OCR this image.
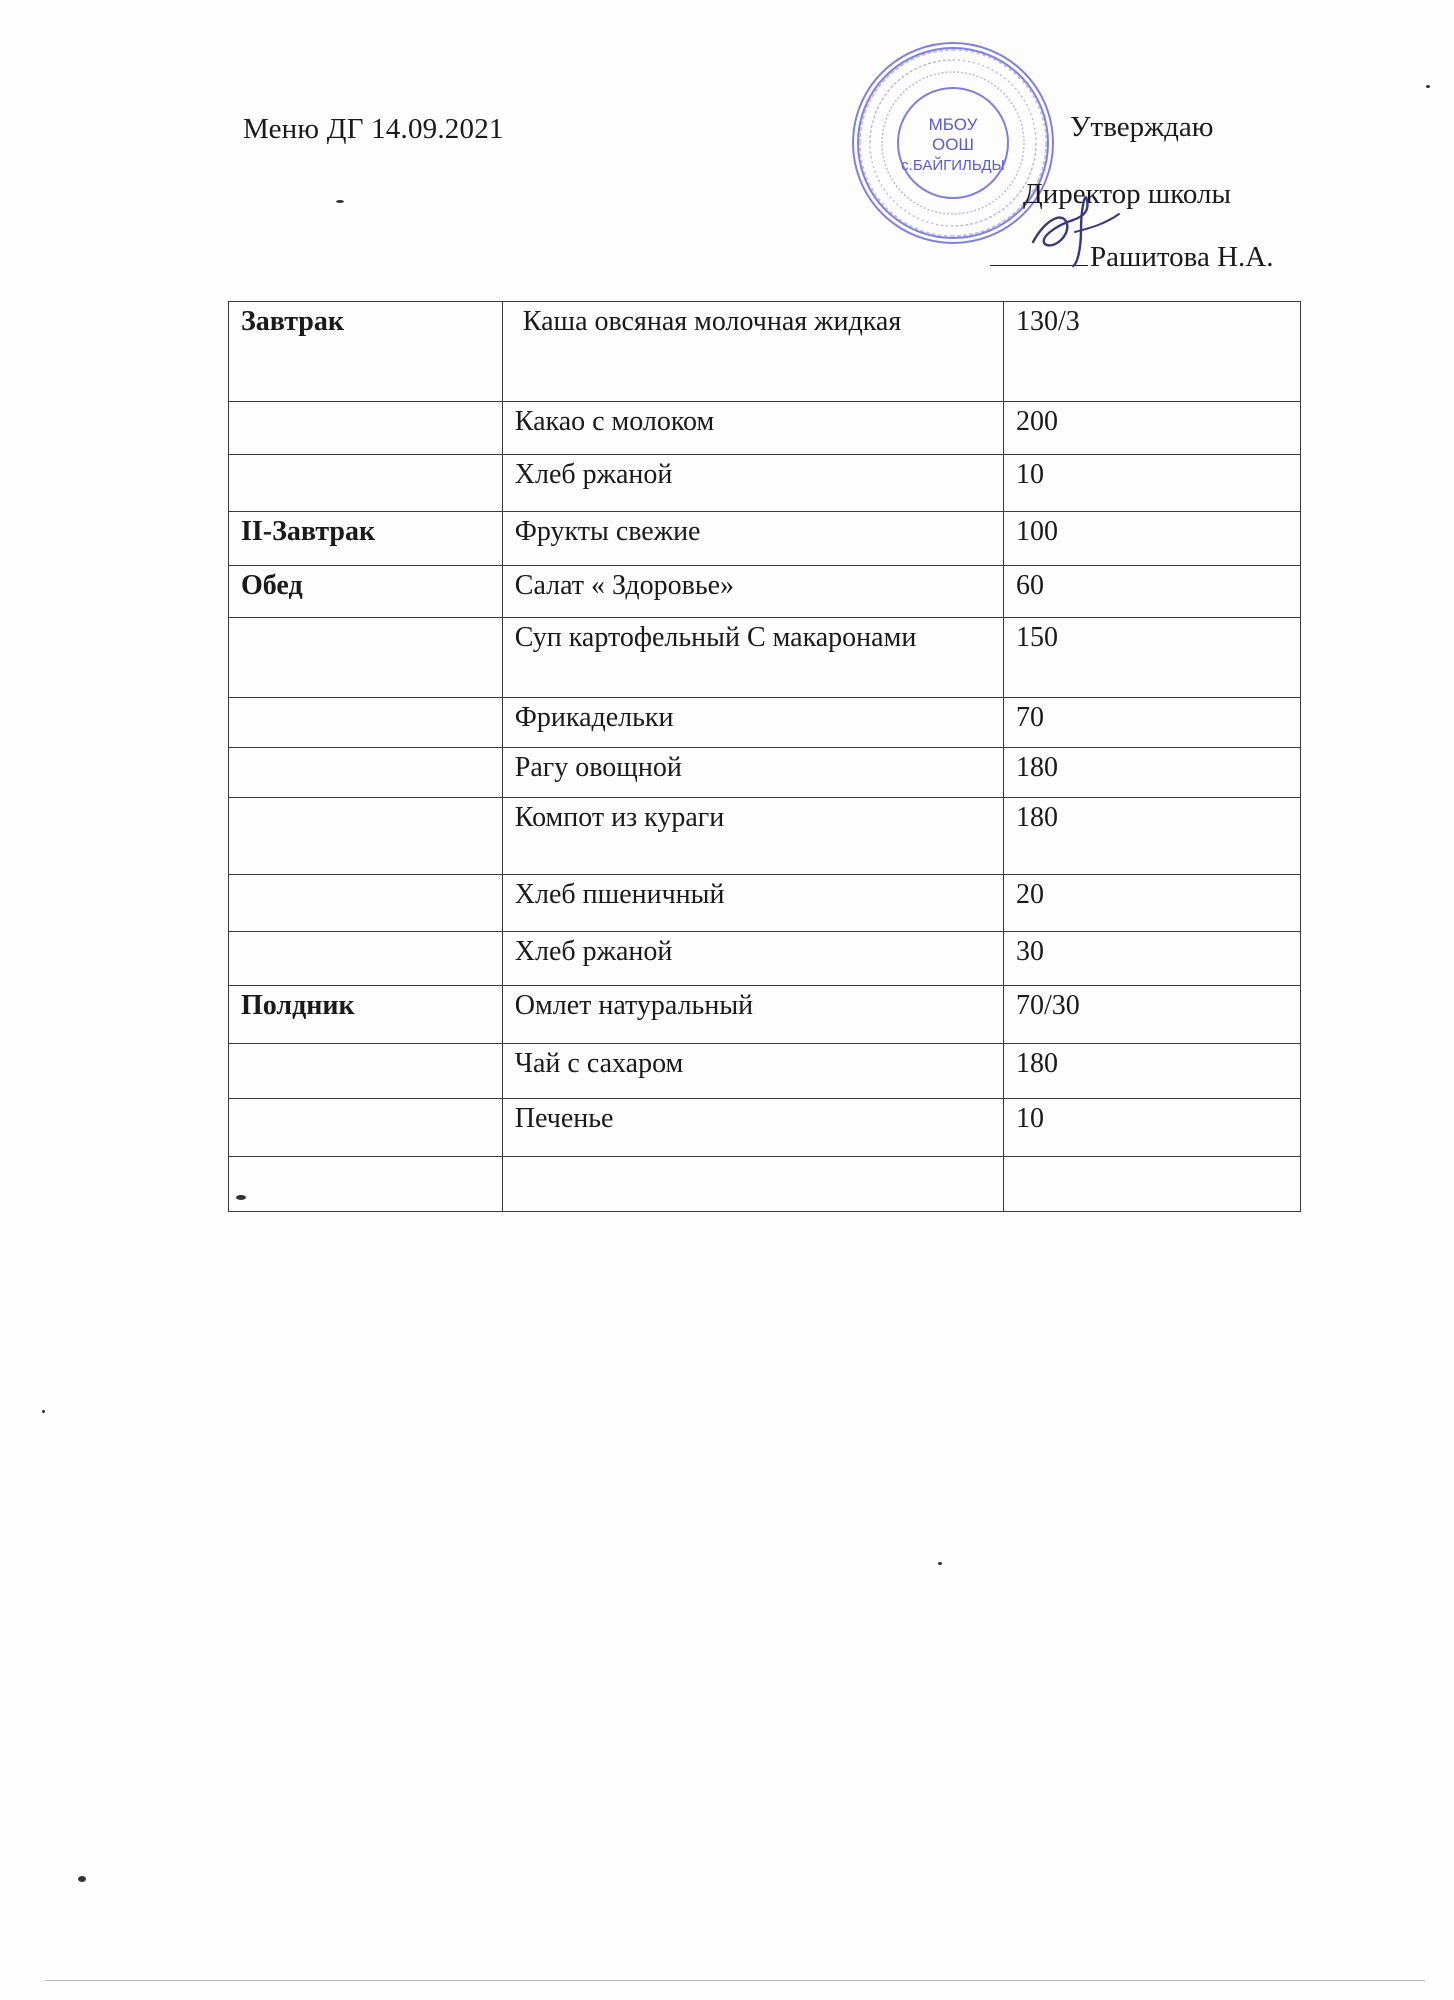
Меню ДГ 14.09.2021	МБОУ
ООШ
с.БАЙГИЛЬДЫ
Утверждаю
Директор школы
Рашитова Н.А.
Завтрак	Каша овсяная молочная жидкая	130/3
	Какао с молоком	200
	Хлеб ржаной	10
II-Завтрак	Фрукты свежие	100
Обед	Салат « Здоровье»	60
	Суп картофельный С макаронами	150
	Фрикадельки	70
	Рагу овощной	180
	Компот из кураги	180
	Хлеб пшеничный	20
	Хлеб ржаной	30
Полдник	Омлет натуральный	70/30
	Чай с сахаром	180
	Печенье	10
